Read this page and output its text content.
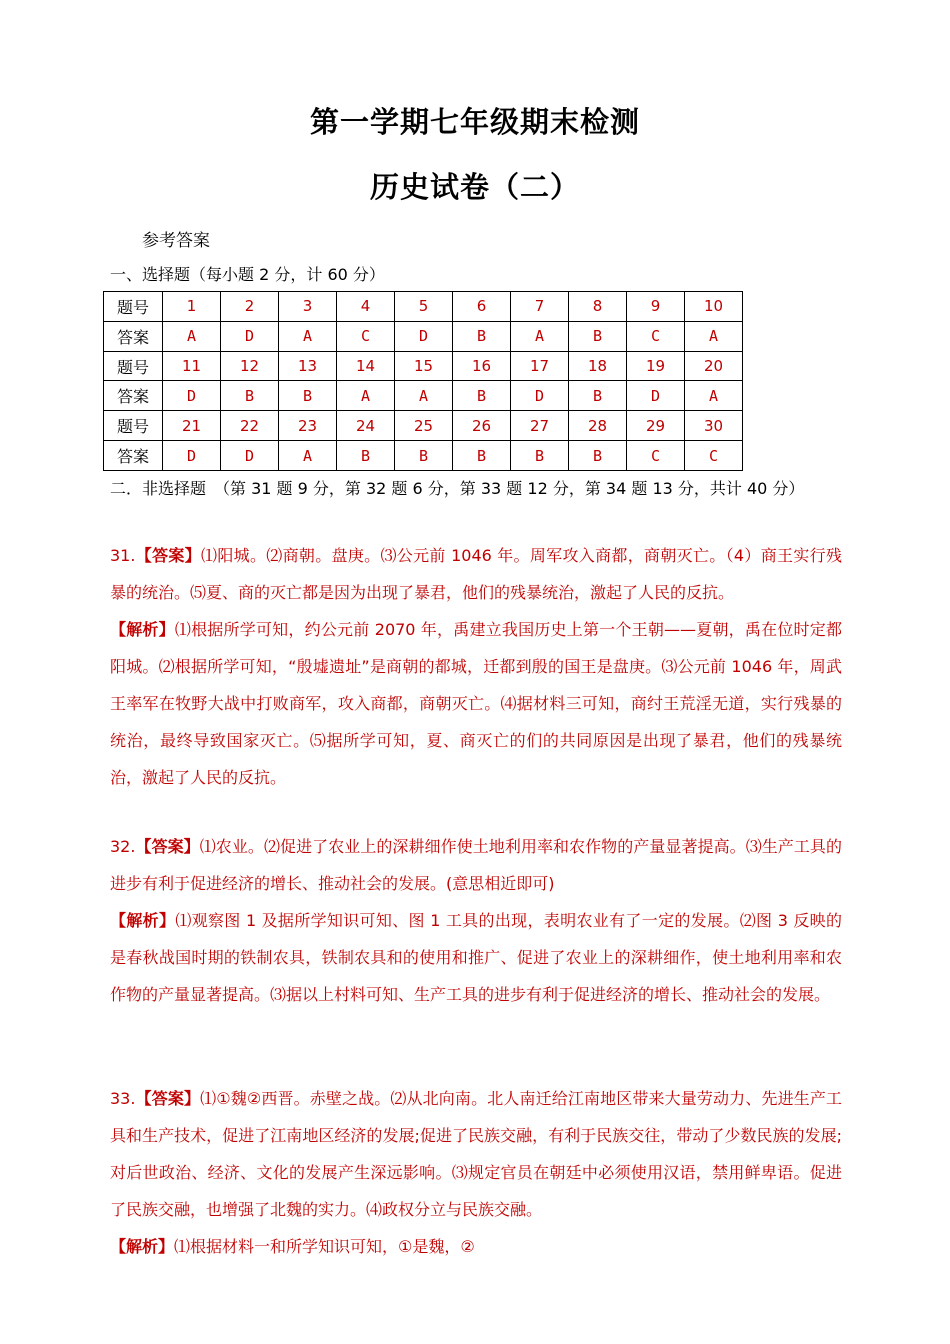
第一学期七年级期末检测
历史试卷（二）
参考答案
一、选择题（每小题 2 分，计 60 分）
题号	1	2	3	4	5	6	7	8	9	10
答案	A	D	A	C	D	B	A	B	C	A
题号	11	12	13	14	15	16	17	18	19	20
答案	D	B	B	A	A	B	D	B	D	A
题号	21	22	23	24	25	26	27	28	29	30
答案	D	D	A	B	B	B	B	B	C	C
二．非选择题　（第 31 题 9 分，第 32 题 6 分，第 33 题 12 分，第 34 题 13 分，共计 40 分）
31.【答案】⑴阳城。⑵商朝。盘庚。⑶公元前 1046 年。周军攻入商都，商朝灭亡。（4）商王实行残暴的统治。⑸夏、商的灭亡都是因为出现了暴君，他们的残暴统治，激起了人民的反抗。
【解析】⑴根据所学可知，约公元前 2070 年，禹建立我国历史上第一个王朝——夏朝，禹在位时定都阳城。⑵根据所学可知，“殷墟遗址”是商朝的都城，迁都到殷的国王是盘庚。⑶公元前 1046 年，周武王率军在牧野大战中打败商军，攻入商都，商朝灭亡。⑷据材料三可知，商纣王荒淫无道，实行残暴的统治，最终导致国家灭亡。⑸据所学可知，夏、商灭亡的们的共同原因是出现了暴君，他们的残暴统治，激起了人民的反抗。
32.【答案】⑴农业。⑵促进了农业上的深耕细作使土地利用率和农作物的产量显著提高。⑶生产工具的进步有利于促进经济的增长、推动社会的发展。(意思相近即可)
【解析】⑴观察图 1 及据所学知识可知、图 1 工具的出现，表明农业有了一定的发展。⑵图 3 反映的是春秋战国时期的铁制农具，铁制农具和的使用和推广、促进了农业上的深耕细作，使土地利用率和农作物的产量显著提高。⑶据以上村料可知、生产工具的进步有利于促进经济的增长、推动社会的发展。
33.【答案】⑴①魏②西晋。赤壁之战。⑵从北向南。北人南迁给江南地区带来大量劳动力、先进生产工具和生产技术，促进了江南地区经济的发展;促进了民族交融，有利于民族交往，带动了少数民族的发展;对后世政治、经济、文化的发展产生深远影响。⑶规定官员在朝廷中必须使用汉语，禁用鲜卑语。促进了民族交融，也增强了北魏的实力。⑷政权分立与民族交融。
【解析】⑴根据材料一和所学知识可知，①是魏，②
